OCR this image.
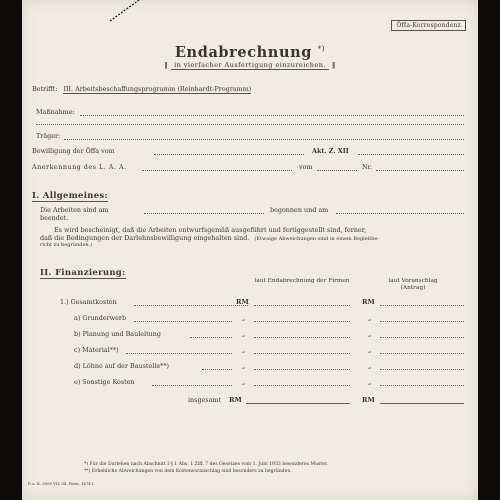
Öffa-Korrespondenz
Endabrechnung *)
‖ in vierfacher Ausfertigung einzureichen. ‖
Betrifft: III. Arbeitsbeschaffungsprogramm (Reinhardt-Programm)
Maßnahme:
Träger:
Bewilligung der Öffa vom	Akt. Z. XII
Anerkennung des L. A. A.	vom	Nr.
I. Allgemeines:
Die Arbeiten sind am	begonnen und am
beendet.
Es wird bescheinigt, daß die Arbeiten entwurfsgemäß ausgeführt und fertiggestellt sind, ferner,
daß die Bedingungen der Darlehnsbewilligung eingehalten sind. (Etwaige Abweichungen sind in einem Begleitbe-
richt zu begründen.)
II. Finanzierung:
laut Endabrechnung der Firmen	laut Voranschlag (Antrag)
1.) Gesamtkosten	RM	RM
a) Grunderwerb	„	„
b) Planung und Bauleitung	„	„
c) Material**)	„	„
d) Löhne auf der Baustelle**)	„	„
e) Sonstige Kosten	„	„
insgesamt RM	RM
*) Für die Darlehen nach Abschnitt I § 1 Abs. 1 Ziff. 7 des Gesetzes vom 1. Juni 1933 besonderes Muster.
**) Erhebliche Abweichungen von dem Kostenvoranschlag sind besonders zu begründen.
P. u. K. 5000 VII. 34. Form. 1674 I
